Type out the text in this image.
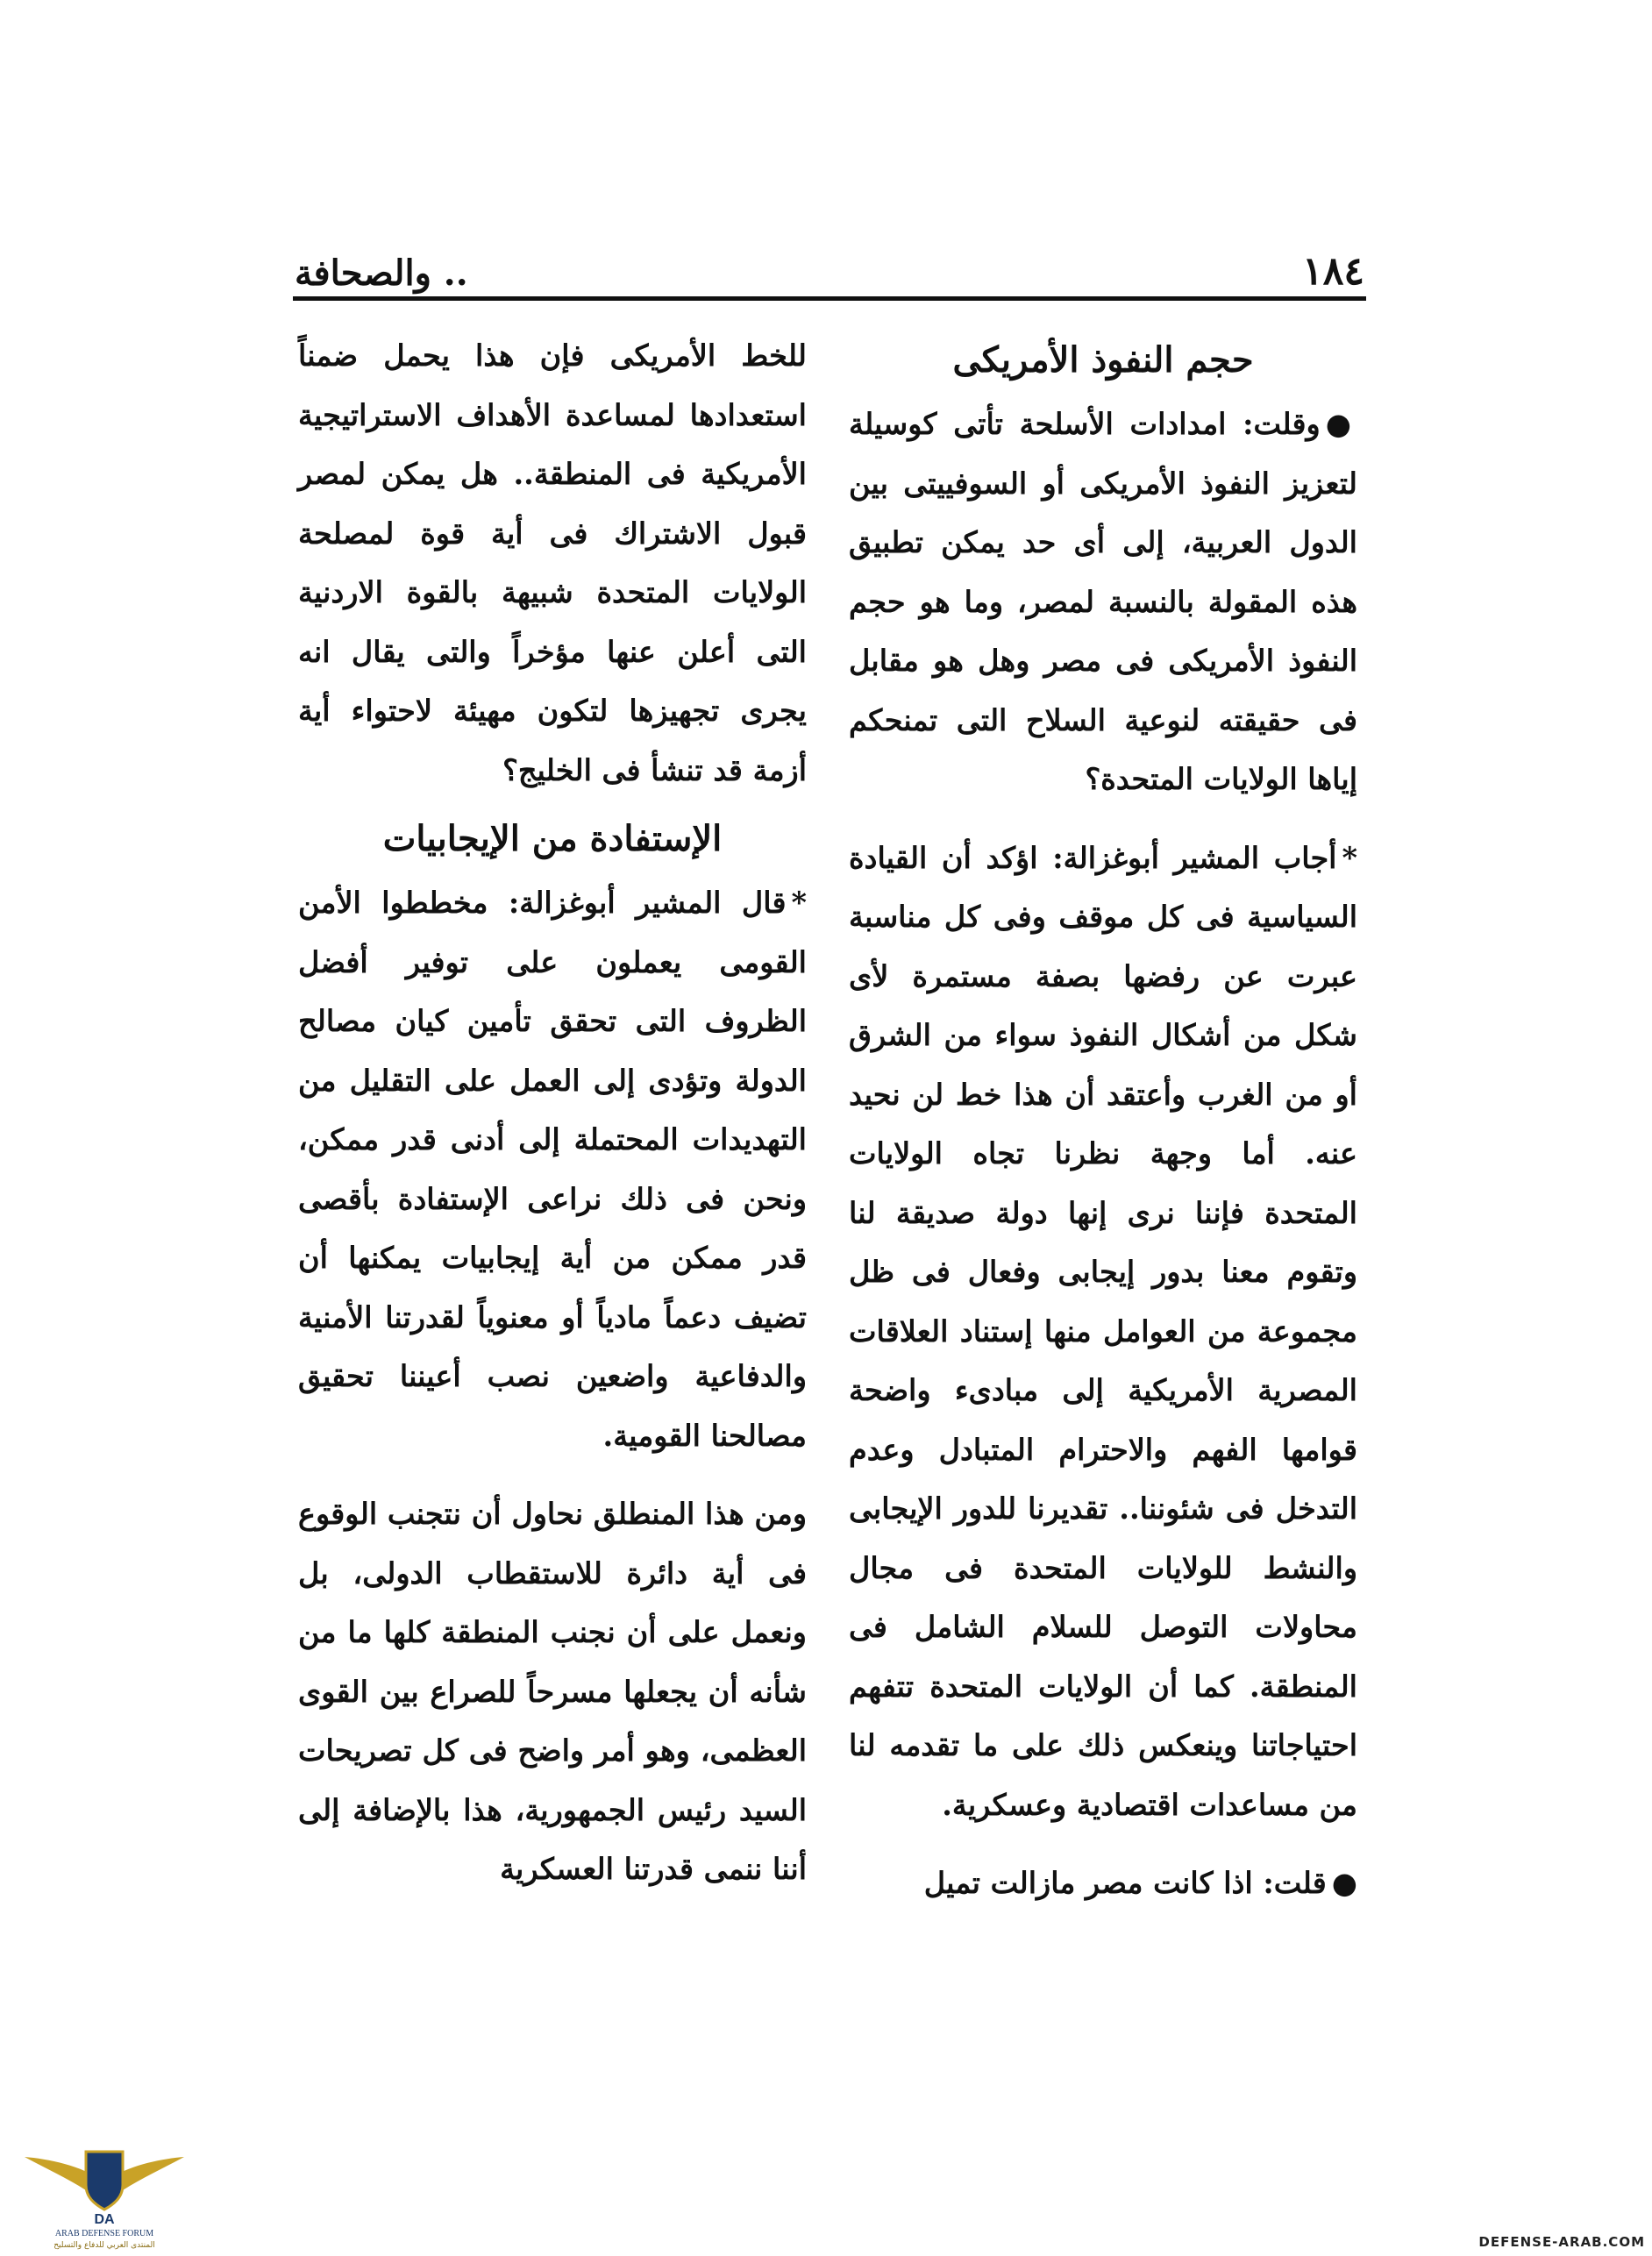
١٨٤
.. والصحافة
حجم النفوذ الأمريكى

●وقلت: امدادات الأسلحة تأتى كوسيلة لتعزيز النفوذ الأمريكى أو السوفييتى بين الدول العربية، إلى أى حد يمكن تطبيق هذه المقولة بالنسبة لمصر، وما هو حجم النفوذ الأمريكى فى مصر وهل هو مقابل فى حقيقته لنوعية السلاح التى تمنحكم إياها الولايات المتحدة؟

*أجاب المشير أبوغزالة: اؤكد أن القيادة السياسية فى كل موقف وفى كل مناسبة عبرت عن رفضها بصفة مستمرة لأى شكل من أشكال النفوذ سواء من الشرق أو من الغرب وأعتقد أن هذا خط لن نحيد عنه. أما وجهة نظرنا تجاه الولايات المتحدة فإننا نرى إنها دولة صديقة لنا وتقوم معنا بدور إيجابى وفعال فى ظل مجموعة من العوامل منها إستناد العلاقات المصرية الأمريكية إلى مبادىء واضحة قوامها الفهم والاحترام المتبادل وعدم التدخل فى شئوننا.. تقديرنا للدور الإيجابى والنشط للولايات المتحدة فى مجال محاولات التوصل للسلام الشامل فى المنطقة. كما أن الولايات المتحدة تتفهم احتياجاتنا وينعكس ذلك على ما تقدمه لنا من مساعدات اقتصادية وعسكرية.

●قلت: اذا كانت مصر مازالت تميل

للخط الأمريكى فإن هذا يحمل ضمناً استعدادها لمساعدة الأهداف الاستراتيجية الأمريكية فى المنطقة.. هل يمكن لمصر قبول الاشتراك فى أية قوة لمصلحة الولايات المتحدة شبيهة بالقوة الاردنية التى أعلن عنها مؤخراً والتى يقال انه يجرى تجهيزها لتكون مهيئة لاحتواء أية أزمة قد تنشأ فى الخليج؟

الإستفادة من الإيجابيات

*قال المشير أبوغزالة: مخططوا الأمن القومى يعملون على توفير أفضل الظروف التى تحقق تأمين كيان مصالح الدولة وتؤدى إلى العمل على التقليل من التهديدات المحتملة إلى أدنى قدر ممكن، ونحن فى ذلك نراعى الإستفادة بأقصى قدر ممكن من أية إيجابيات يمكنها أن تضيف دعماً مادياً أو معنوياً لقدرتنا الأمنية والدفاعية واضعين نصب أعيننا تحقيق مصالحنا القومية.

ومن هذا المنطلق نحاول أن نتجنب الوقوع فى أية دائرة للاستقطاب الدولى، بل ونعمل على أن نجنب المنطقة كلها ما من شأنه أن يجعلها مسرحاً للصراع بين القوى العظمى، وهو أمر واضح فى كل تصريحات السيد رئيس الجمهورية، هذا بالإضافة إلى أننا ننمى قدرتنا العسكرية

DA
ARAB DEFENSE FORUM
المنتدى العربي للدفاع والتسليح	DEFENSE-ARAB.COM
